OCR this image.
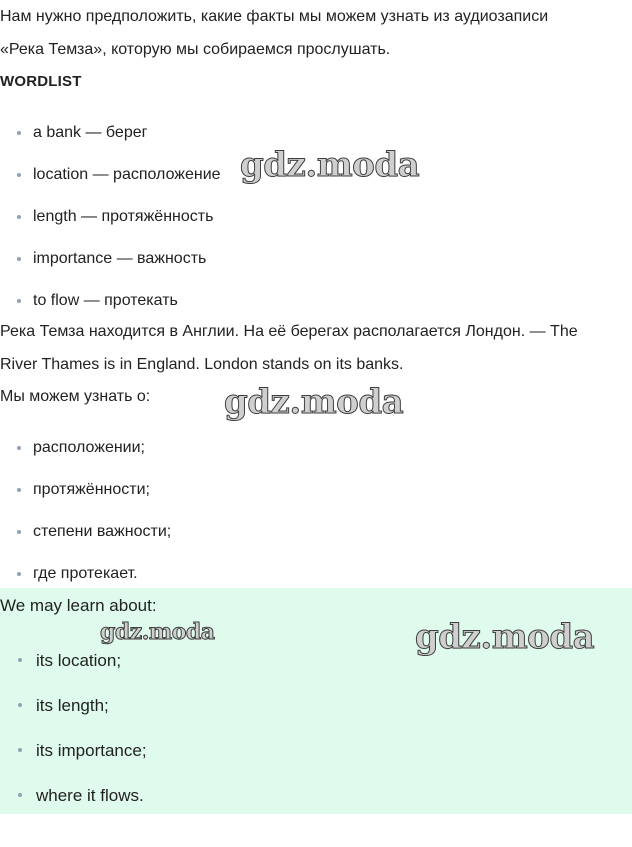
Нам нужно предположить, какие факты мы можем узнать из аудиозаписи

«Река Темза», которую мы собираемся прослушать.

WORDLIST

a bank — берег
location — расположение
length — протяжённость
importance — важность
to flow — протекать

Река Темза находится в Англии. На её берегах располагается Лондон. — The

River Thames is in England. London stands on its banks.

Мы можем узнать о:

расположении;
протяжённости;
степени важности;
где протекает.

We may learn about:

its location;
its length;
its importance;
where it flows.
gdz.moda
gdz.moda
gdz.moda	gdz.moda
